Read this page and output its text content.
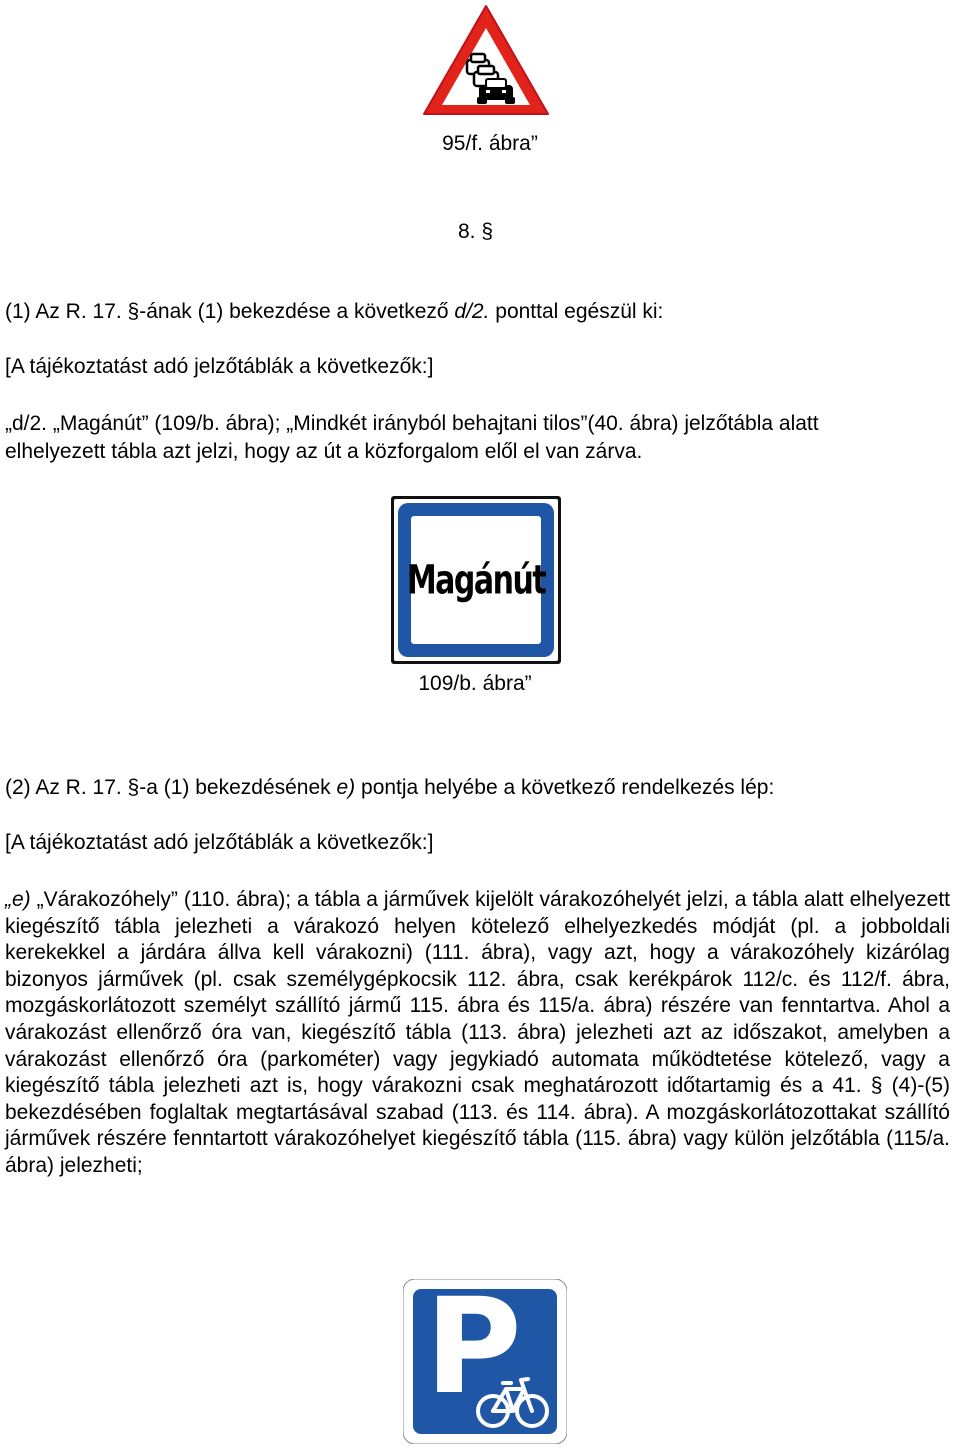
95/f. ábra”
8. §
(1) Az R. 17. §-ának (1) bekezdése a következő d/2. ponttal egészül ki:
[A tájékoztatást adó jelzőtáblák a következők:]
„d/2. „Magánút” (109/b. ábra); „Mindkét irányból behajtani tilos”(40. ábra) jelzőtábla alatt
elhelyezett tábla azt jelzi, hogy az út a közforgalom elől el van zárva.
Magánút
109/b. ábra”
(2) Az R. 17. §-a (1) bekezdésének e) pontja helyébe a következő rendelkezés lép:
[A tájékoztatást adó jelzőtáblák a következők:]
„e) „Várakozóhely” (110. ábra); a tábla a járművek kijelölt várakozóhelyét jelzi, a tábla alatt elhelyezett kiegészítő tábla jelezheti a várakozó helyen kötelező elhelyezkedés módját (pl. a jobboldali kerekekkel a járdára állva kell várakozni) (111. ábra), vagy azt, hogy a várakozóhely kizárólag bizonyos járművek (pl. csak személygépkocsik 112. ábra, csak kerékpárok 112/c. és 112/f. ábra, mozgáskorlátozott személyt szállító jármű 115. ábra és 115/a. ábra) részére van fenntartva. Ahol a várakozást ellenőrző óra van, kiegészítő tábla (113. ábra) jelezheti azt az időszakot, amelyben a várakozást ellenőrző óra (parkométer) vagy jegykiadó automata működtetése kötelező, vagy a kiegészítő tábla jelezheti azt is, hogy várakozni csak meghatározott időtartamig és a 41. § (4)-(5) bekezdésében foglaltak megtartásával szabad (113. és 114. ábra). A mozgáskorlátozottakat szállító járművek részére fenntartott várakozóhelyet kiegészítő tábla (115. ábra) vagy külön jelzőtábla (115/a. ábra) jelezheti;
P
